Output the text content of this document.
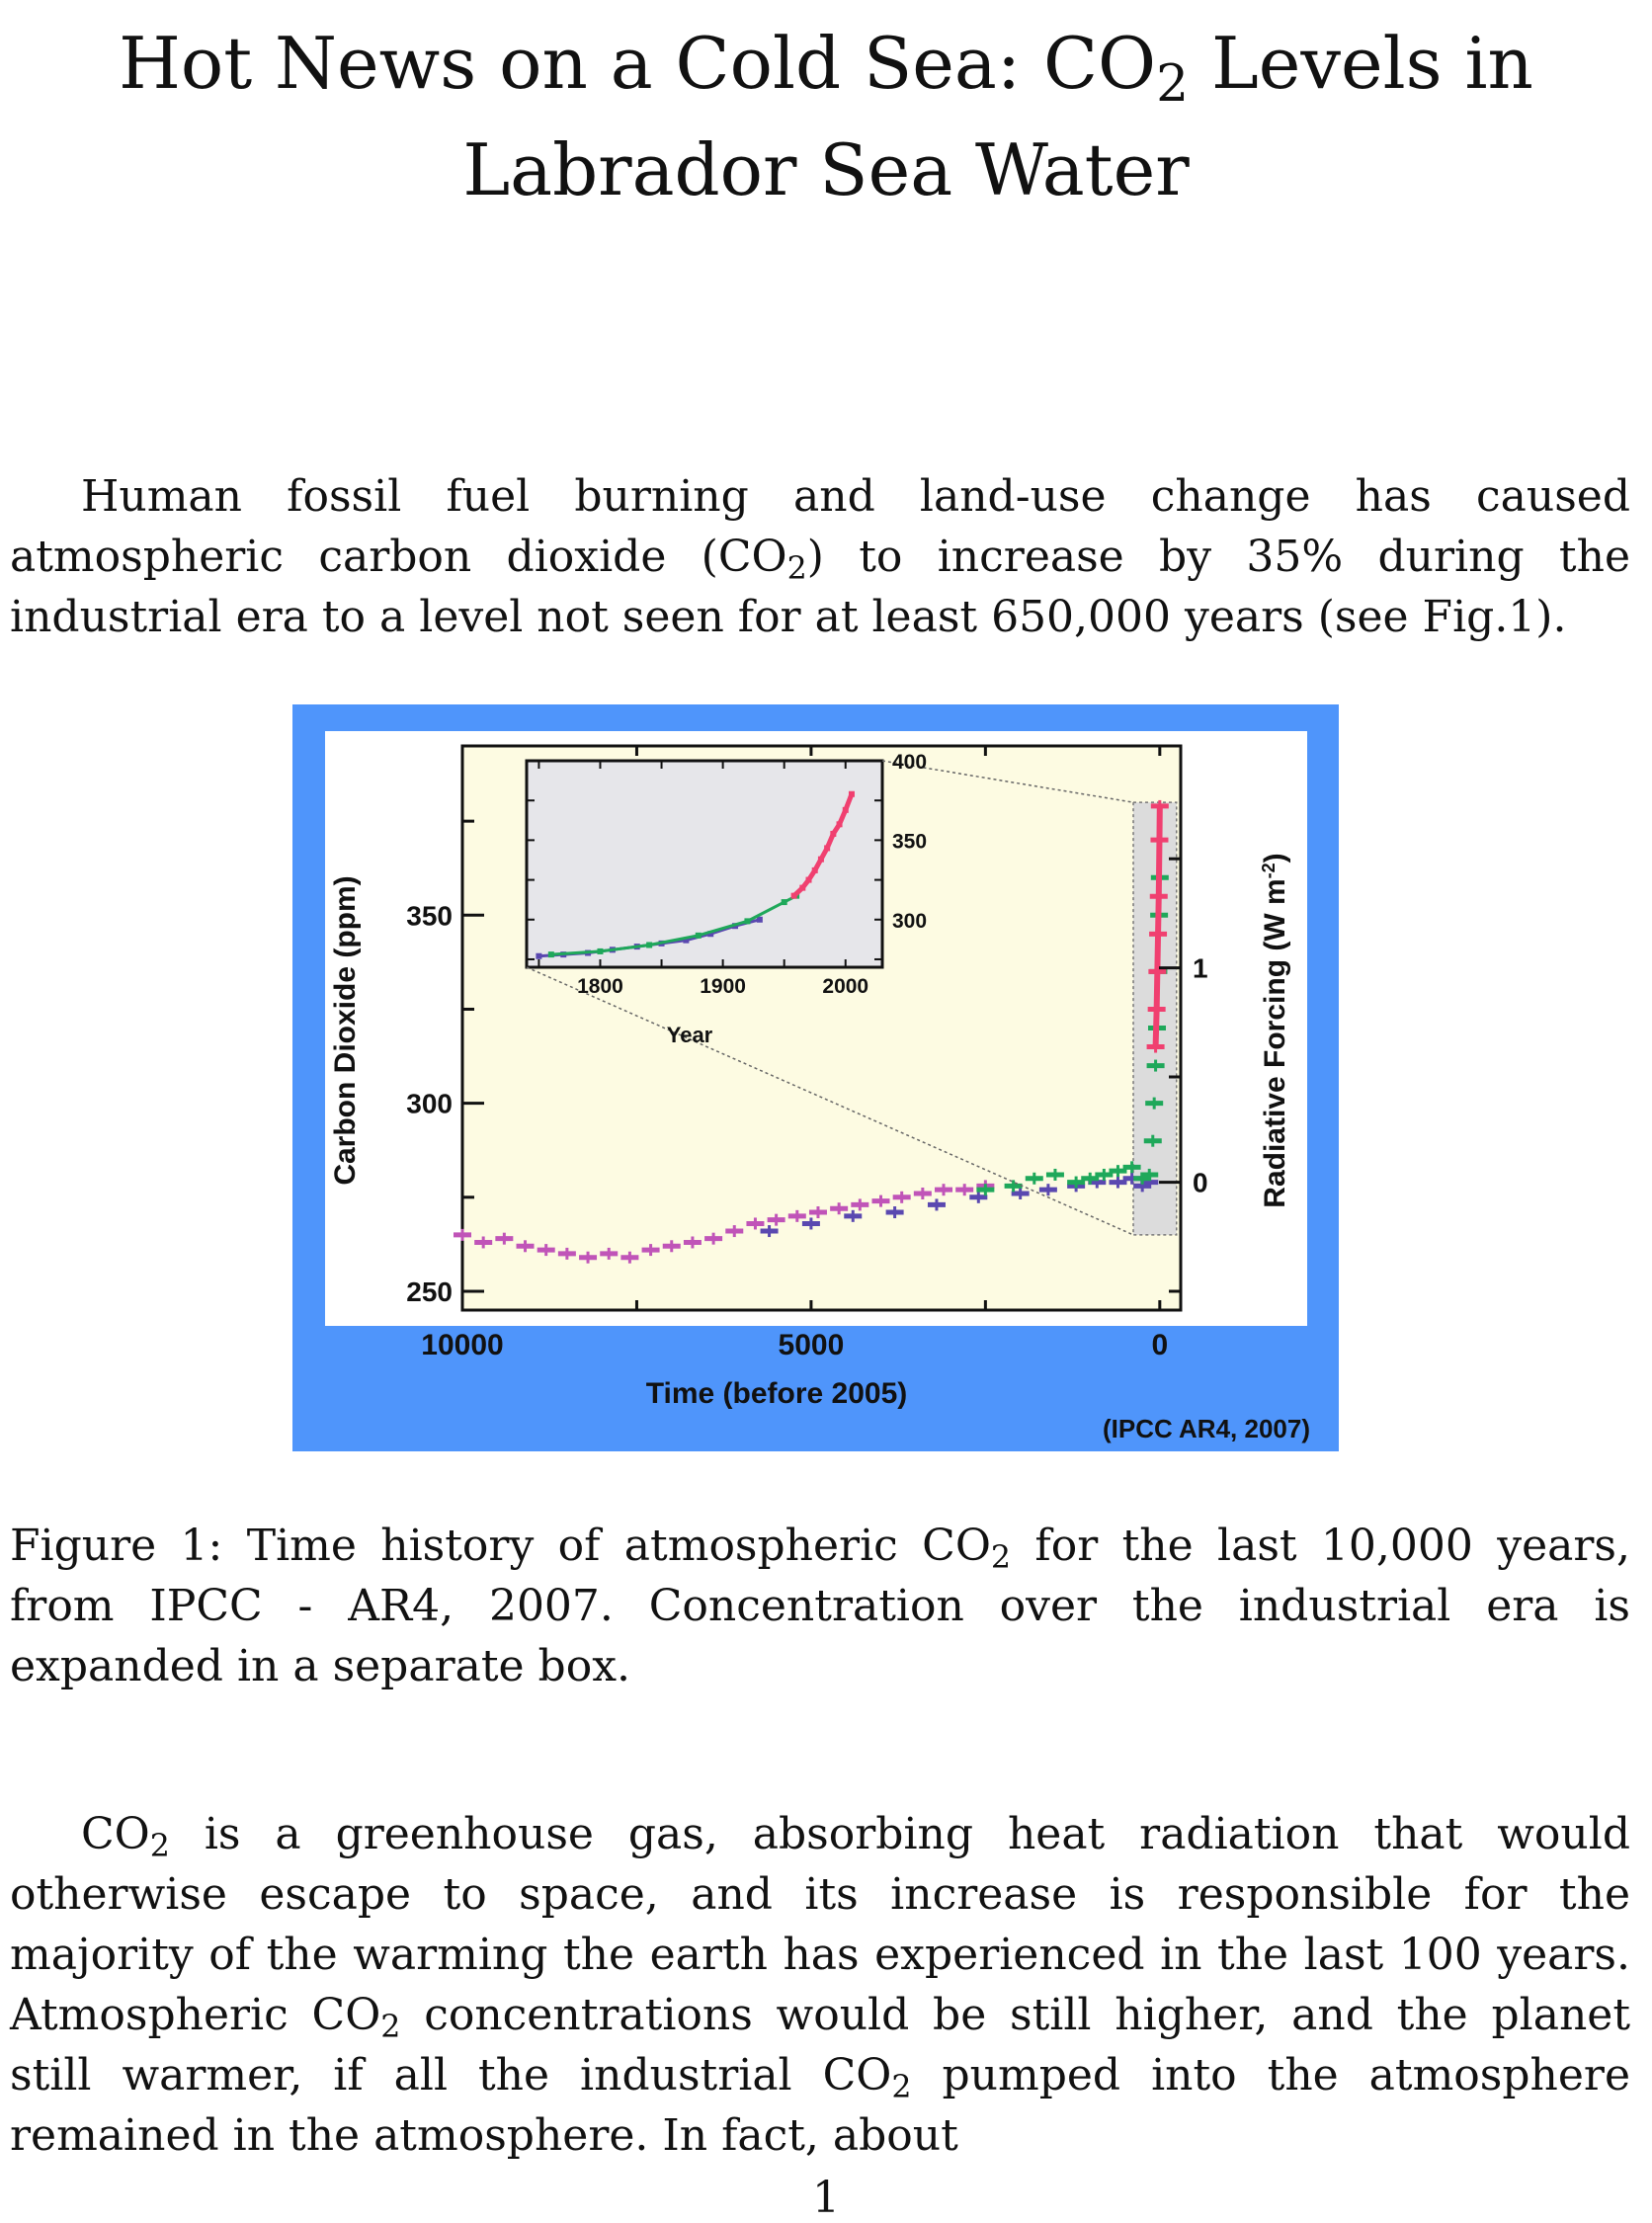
Hot News on a Cold Sea: $CO_2$ Levels in Labrador Sea Water

Human fossil fuel burning and land-use change has caused atmospheric carbon dioxide $(CO_2)$ to increase by 35% during the industrial era to a level not seen for at least 650,000 years (see Fig.1).

250
300
350
0
1
10000	5000	0
1800	1900	2000
300
350
400
Carbon Dioxide (ppm)	Radiative Forcing (W $m^{-2}$)
Time (before 2005)
(IPCC AR4, 2007)
Year

Figure 1: Time history of atmospheric $CO_2$ for the last 10,000 years, from IPCC - AR4, 2007. Concentration over the industrial era is expanded in a separate box.

$CO_2$ is a greenhouse gas, absorbing heat radiation that would otherwise escape to space, and its increase is responsible for the majority of the warming the earth has experienced in the last 100 years. Atmospheric $CO_2$ concentrations would be still higher, and the planet still warmer, if all the industrial $CO_2$ pumped into the atmosphere remained in the atmosphere. In fact, about

1
